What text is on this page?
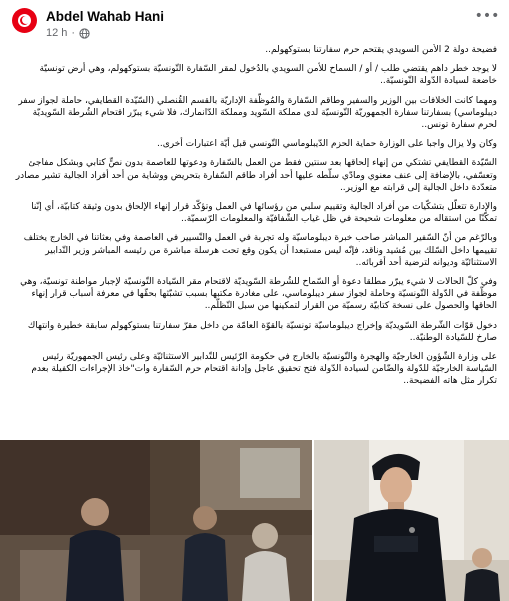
Abdel Wahab Hani
12 h ·
•••

فضيحة دولة 2 الأمن السويدي يقتحم حرم سفارتنا بستوكهولم..

لا يوجد خطر داهم يقتضي طلب / أو / السماح للأمن السويدي بالدُخول لمقر السّفارة التّونسيّة بستوكهولم، وهي أرض تونسيّة خاضعة لسيادة الدّولة التّونسيّة..

ومهما كانت الخلافات بين الوزير والسفير وطاقم السّفارة والمُوظّفة الإداريّة بالقسم القُنصلي (السّيّدة القطايفي، حاملة لجواز سفر ديبلوماسي) بسفارتنا سفارة الجمهوريّة التّونسيّة لدى مملكة السّويد ومملكة الدّانمارك، فلا شيء يبرّر اقتحام الشُرطة السّويديّة لحرم سفارة تونس..

وكان ولا يزال واجبا على الوزارة حماية الحزم الدّيبلوماسي التّونسي قبل أيّة اعتبارات أخرى..

السّيّدة القطايفي تشتكي من إنهاء إلحاقها بعد سنتين فقط من العمل بالسّفارة ودعوتها للعاصمة بدون نصٍّ كتابي وبشكل مفاجئ وتعسّفي، بالإضافة إلى عنف معنوي ومادّي سلّطه عليها أحد أفراد طاقم السّفارة بتحريض ووشاية من أحد أفراد الجالية تشير مصادر متعدّدة داخل الجالية إلى قرابته مع الوزير..

والإدارة تتعلّل بتشكّيات من أفراد الجالية وتقييم سلبي من رؤسائها في العمل وتؤكّد قرار إنهاء الإلحاق بدون وثيقة كتابيّة، أي إنّنا تمكّنّا من استقاله من معلومات شحيحة في ظل غياب الشّفافيّة والمعلومات الرّسميّة..

وبالرّغم من أنّ السّفير المباشر صاحب خبرة ديبلوماسيّة وله تجربة في العمل والتّسيير في العاصمة وفي بعثاتنا في الخارج يختلف تقييمها داخل السّلك بين مُشيد وناقد، فإنّه ليس مستبعدا أن يكون وقع تحت هرسلة مباشرة من رئيسه المباشر وزير التّدابير الاستثنائيّة وديوانه لترضية أحد أقربائه..

وفي كلّ الحالات لا شيء يبرّر مطلقا دعوة أو السّماح للشُرطة السّويديّة لاقتحام مقر السّيادة التّونسيّة لإجبار مواطنة تونسيّة، وهي موظّفة في الدّولة التّونسيّة وحاملة لجواز سفر ديبلوماسي، على مغادرة مكتبها بسبب تشبّثها بحقّها في معرفة أسباب قرار إنهاء الحاقها والحصول على نسخة كتابيّة رسميّة من القرار لتمكينها من سبل التّظلّم..

دخول قوّات الشّرطة السّويديّة وإخراج ديبلوماسيّة تونسيّة بالقوّة العامّة من داخل مقرّ سفارتنا بستوكهولم سابقة خطيرة وانتهاك صارخ للسّيادة الوطنيّة..

على وزارة الشّؤون الخارجيّة والهجرة والتّونسيّة بالخارج في حكومة الرّئيس للتّدابير الاستثنائيّة وعلى رئيس الجمهوريّة رئيس السّياسة الخارجيّة للدّولة والضّامن لسيادة الدّولة فتح تحقيق عاجل وإدانة اقتحام حرم السّفارة وات"خاذ الإجراءات الكفيلة بعدم تكرار مثل هاته الفضيحة..
